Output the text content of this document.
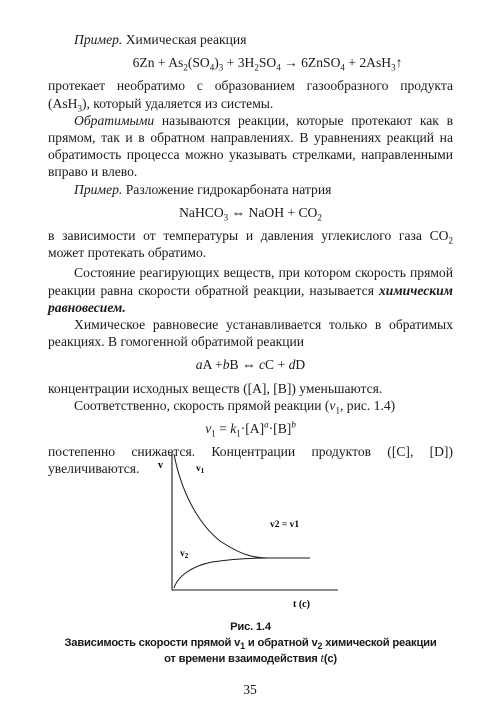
Пример. Химическая реакция

$6Zn + As_2(SO_4)_3 + 3H_2SO_4$ → 6ZnSO$_4$ + 2AsH$_3$↑

протекает необратимо с образованием газообразного продукта (AsH$_3$), который удаляется из системы.

Обратимыми называются реакции, которые протекают как в прямом, так и в обратном направлениях. В уравнениях реакций на обратимость процесса можно указывать стрелками, направленными вправо и влево.

Пример. Разложение гидрокарбоната натрия

NaHCO$_3$ ⇔ NaOH + $CO_2$

в зависимости от температуры и давления углекислого газа $CO_2$ может протекать обратимо.

Состояние реагирующих веществ, при котором скорость прямой реакции равна скорости обратной реакции, называется химическим равновесием.

Химическое равновесие устанавливается только в обратимых реакциях. В гомогенной обратимой реакции

aA +bB ⇔ cC + dD

концентрации исходных веществ ([A], [B]) уменьшаются.

Соответственно, скорость прямой реакции ($v_1$, рис. 1.4)

$v_1 = k_1\cdot[A]^a\cdot[B]^b$

постепенно снижается. Концентрации продуктов ([C], [D]) увеличиваются.	v	$v_1$
$v_2$
v2 = v1
t (c)
Рис. 1.4
Зависимость скорости прямой $v_1$ и обратной $v_2$ химической реакции
от времени взаимодействия t(c)
35
